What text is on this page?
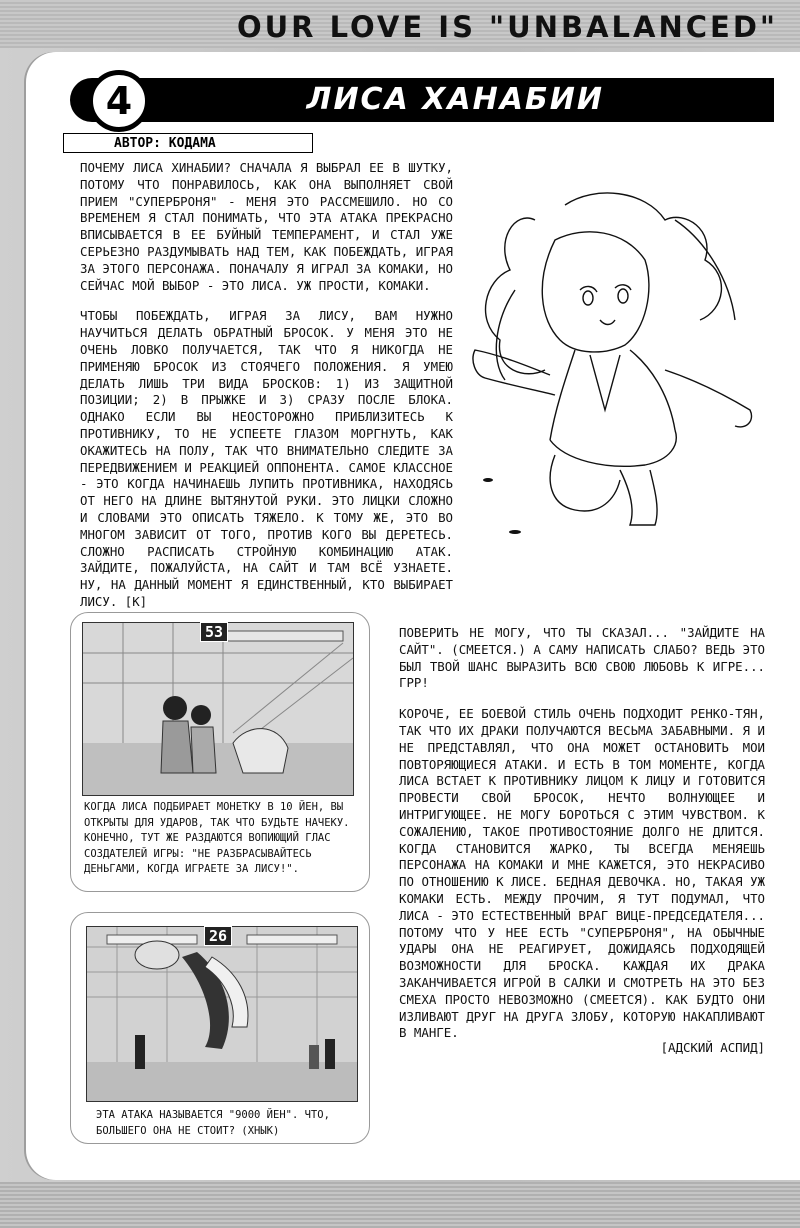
OUR LOVE IS "UNBALANCED"
4	ЛИСА ХАНАБИИ
АВТОР: КОДАМА

ПОЧЕМУ ЛИСА ХИНАБИИ? СНАЧАЛА Я ВЫБРАЛ ЕЕ В ШУТКУ, ПОТОМУ ЧТО ПОНРАВИЛОСЬ, КАК ОНА ВЫПОЛНЯЕТ СВОЙ ПРИЕМ "СУПЕРБРОНЯ" - МЕНЯ ЭТО РАССМЕШИЛО. НО СО ВРЕМЕНЕМ Я СТАЛ ПОНИМАТЬ, ЧТО ЭТА АТАКА ПРЕКРАСНО ВПИСЫВАЕТСЯ В ЕЕ БУЙНЫЙ ТЕМПЕРАМЕНТ, И СТАЛ УЖЕ СЕРЬЕЗНО РАЗДУМЫВАТЬ НАД ТЕМ, КАК ПОБЕЖДАТЬ, ИГРАЯ ЗА ЭТОГО ПЕРСОНАЖА. ПОНАЧАЛУ Я ИГРАЛ ЗА КОМАКИ, НО СЕЙЧАС МОЙ ВЫБОР - ЭТО ЛИСА. УЖ ПРОСТИ, КОМАКИ.

ЧТОБЫ ПОБЕЖДАТЬ, ИГРАЯ ЗА ЛИСУ, ВАМ НУЖНО НАУЧИТЬСЯ ДЕЛАТЬ ОБРАТНЫЙ БРОСОК. У МЕНЯ ЭТО НЕ ОЧЕНЬ ЛОВКО ПОЛУЧАЕТСЯ, ТАК ЧТО Я НИКОГДА НЕ ПРИМЕНЯЮ БРОСОК ИЗ СТОЯЧЕГО ПОЛОЖЕНИЯ. Я УМЕЮ ДЕЛАТЬ ЛИШЬ ТРИ ВИДА БРОСКОВ: 1) ИЗ ЗАЩИТНОЙ ПОЗИЦИИ; 2) В ПРЫЖКЕ И 3) СРАЗУ ПОСЛЕ БЛОКА. ОДНАКО ЕСЛИ ВЫ НЕОСТОРОЖНО ПРИБЛИЗИТЕСЬ К ПРОТИВНИКУ, ТО НЕ УСПЕЕТЕ ГЛАЗОМ МОРГНУТЬ, КАК ОКАЖИТЕСЬ НА ПОЛУ, ТАК ЧТО ВНИМАТЕЛЬНО СЛЕДИТЕ ЗА ПЕРЕДВИЖЕНИЕМ И РЕАКЦИЕЙ ОППОНЕНТА. САМОЕ КЛАССНОЕ - ЭТО КОГДА НАЧИНАЕШЬ ЛУПИТЬ ПРОТИВНИКА, НАХОДЯСЬ ОТ НЕГО НА ДЛИНЕ ВЫТЯНУТОЙ РУКИ. ЭТО ЛИЦКИ СЛОЖНО И СЛОВАМИ ЭТО ОПИСАТЬ ТЯЖЕЛО. К ТОМУ ЖЕ, ЭТО ВО МНОГОМ ЗАВИСИТ ОТ ТОГО, ПРОТИВ КОГО ВЫ ДЕРЕТЕСЬ. СЛОЖНО РАСПИСАТЬ СТРОЙНУЮ КОМБИНАЦИЮ АТАК. ЗАЙДИТЕ, ПОЖАЛУЙСТА, НА САЙТ И ТАМ ВСЁ УЗНАЕТЕ. НУ, НА ДАННЫЙ МОМЕНТ Я ЕДИНСТВЕННЫЙ, КТО ВЫБИРАЕТ ЛИСУ. [К]

53
КОГДА ЛИСА ПОДБИРАЕТ МОНЕТКУ В 10 ЙЕН, ВЫ ОТКРЫТЫ ДЛЯ УДАРОВ, ТАК ЧТО БУДЬТЕ НАЧЕКУ. КОНЕЧНО, ТУТ ЖЕ РАЗДАЮТСЯ ВОПИЮЩИЙ ГЛАС СОЗДАТЕЛЕЙ ИГРЫ: "НЕ РАЗБРАСЫВАЙТЕСЬ ДЕНЬГАМИ, КОГДА ИГРАЕТЕ ЗА ЛИСУ!".
26
ЭТА АТАКА НАЗЫВАЕТСЯ "9000 ЙЕН". ЧТО, БОЛЬШЕГО ОНА НЕ СТОИТ? (ХНЫК)

ПОВЕРИТЬ НЕ МОГУ, ЧТО ТЫ СКАЗАЛ... "ЗАЙДИТЕ НА САЙТ". (СМЕЕТСЯ.) А САМУ НАПИСАТЬ СЛАБО? ВЕДЬ ЭТО БЫЛ ТВОЙ ШАНС ВЫРАЗИТЬ ВСЮ СВОЮ ЛЮБОВЬ К ИГРЕ... ГРР!

КОРОЧЕ, ЕЕ БОЕВОЙ СТИЛЬ ОЧЕНЬ ПОДХОДИТ РЕНКО-ТЯН, ТАК ЧТО ИХ ДРАКИ ПОЛУЧАЮТСЯ ВЕСЬМА ЗАБАВНЫМИ. Я И НЕ ПРЕДСТАВЛЯЛ, ЧТО ОНА МОЖЕТ ОСТАНОВИТЬ МОИ ПОВТОРЯЮЩИЕСЯ АТАКИ. И ЕСТЬ В ТОМ МОМЕНТЕ, КОГДА ЛИСА ВСТАЕТ К ПРОТИВНИКУ ЛИЦОМ К ЛИЦУ И ГОТОВИТСЯ ПРОВЕСТИ СВОЙ БРОСОК, НЕЧТО ВОЛНУЮЩЕЕ И ИНТРИГУЮЩЕЕ. НЕ МОГУ БОРОТЬСЯ С ЭТИМ ЧУВСТВОМ. К СОЖАЛЕНИЮ, ТАКОЕ ПРОТИВОСТОЯНИЕ ДОЛГО НЕ ДЛИТСЯ. КОГДА СТАНОВИТСЯ ЖАРКО, ТЫ ВСЕГДА МЕНЯЕШЬ ПЕРСОНАЖА НА КОМАКИ И МНЕ КАЖЕТСЯ, ЭТО НЕКРАСИВО ПО ОТНОШЕНИЮ К ЛИСЕ. БЕДНАЯ ДЕВОЧКА. НО, ТАКАЯ УЖ КОМАКИ ЕСТЬ. МЕЖДУ ПРОЧИМ, Я ТУТ ПОДУМАЛ, ЧТО ЛИСА - ЭТО ЕСТЕСТВЕННЫЙ ВРАГ ВИЦЕ-ПРЕДСЕДАТЕЛЯ... ПОТОМУ ЧТО У НЕЕ ЕСТЬ "СУПЕРБРОНЯ", НА ОБЫЧНЫЕ УДАРЫ ОНА НЕ РЕАГИРУЕТ, ДОЖИДАЯСЬ ПОДХОДЯЩЕЙ ВОЗМОЖНОСТИ ДЛЯ БРОСКА. КАЖДАЯ ИХ ДРАКА ЗАКАНЧИВАЕТСЯ ИГРОЙ В САЛКИ И СМОТРЕТЬ НА ЭТО БЕЗ СМЕХА ПРОСТО НЕВОЗМОЖНО (СМЕЕТСЯ). КАК БУДТО ОНИ ИЗЛИВАЮТ ДРУГ НА ДРУГА ЗЛОБУ, КОТОРУЮ НАКАПЛИВАЮТ В МАНГЕ.

[АДСКИЙ АСПИД]
